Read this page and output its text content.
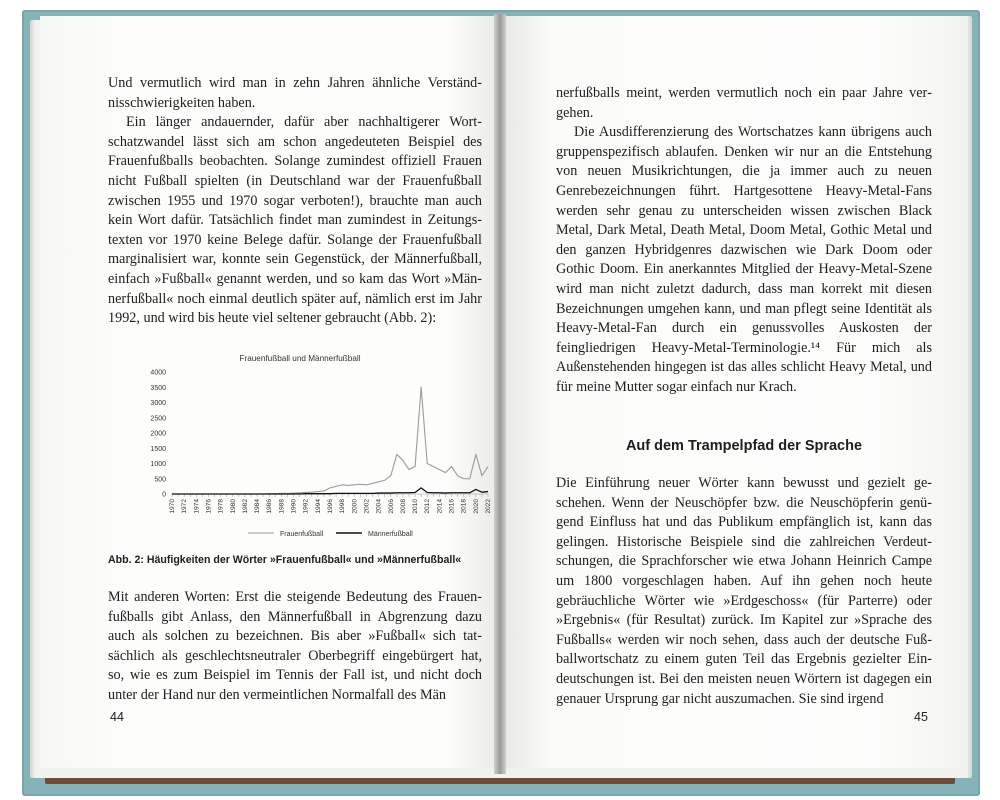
Und vermutlich wird man in zehn Jahren ähnliche Verständnisschwierigkeiten haben.

Ein länger andauernder, dafür aber nachhaltigerer Wortschatzwandel lässt sich am schon angedeuteten Beispiel des Frauenfußballs beobachten. Solange zumindest offiziell Frauen nicht Fußball spielten (in Deutschland war der Frauenfußball zwischen 1955 und 1970 sogar verboten!), brauchte man auch kein Wort dafür. Tatsächlich findet man zumindest in Zeitungstexten vor 1970 keine Belege dafür. Solange der Frauenfußball marginalisiert war, konnte sein Gegenstück, der Männerfußball, einfach »Fußball« genannt werden, und so kam das Wort »Männerfußball« noch einmal deutlich später auf, nämlich erst im Jahr 1992, und wird bis heute viel seltener gebraucht (Abb. 2):

Frauenfußball und Männerfußball
0
500
1000
1500
2000
2500
3000
3500
4000
1970 1972 1974 1976 1978 1980 1982 1984 1986 1988 1990 1992 1994 1996 1998 2000 2002 2004 2006 2008 2010 2012 2014 2016 2018 2020 2022
Frauenfußball	Männerfußball
Abb. 2: Häufigkeiten der Wörter »Frauenfußball« und »Männerfußball«

Mit anderen Worten: Erst die steigende Bedeutung des Frauenfußballs gibt Anlass, den Männerfußball in Abgrenzung dazu auch als solchen zu bezeichnen. Bis aber »Fußball« sich tatsächlich als geschlechtsneutraler Oberbegriff eingebürgert hat, so, wie es zum Beispiel im Tennis der Fall ist, und nicht doch unter der Hand nur den vermeintlichen Normalfall des Män

44

nerfußballs meint, werden vermutlich noch ein paar Jahre vergehen.

Die Ausdifferenzierung des Wortschatzes kann übrigens auch gruppenspezifisch ablaufen. Denken wir nur an die Entstehung von neuen Musikrichtungen, die ja immer auch zu neuen Genrebezeichnungen führt. Hartgesottene Heavy-Metal-Fans werden sehr genau zu unterscheiden wissen zwischen Black Metal, Dark Metal, Death Metal, Doom Metal, Gothic Metal und den ganzen Hybridgenres dazwischen wie Dark Doom oder Gothic Doom. Ein anerkanntes Mitglied der Heavy-Metal-Szene wird man nicht zuletzt dadurch, dass man korrekt mit diesen Bezeichnungen umgehen kann, und man pflegt seine Identität als Heavy-Metal-Fan durch ein genussvolles Auskosten der feingliedrigen Heavy-Metal-Terminologie.¹⁴ Für mich als Außenstehenden hingegen ist das alles schlicht Heavy Metal, und für meine Mutter sogar einfach nur Krach.

Auf dem Trampelpfad der Sprache

Die Einführung neuer Wörter kann bewusst und gezielt geschehen. Wenn der Neuschöpfer bzw. die Neuschöpferin genügend Einfluss hat und das Publikum empfänglich ist, kann das gelingen. Historische Beispiele sind die zahlreichen Verdeutschungen, die Sprachforscher wie etwa Johann Heinrich Campe um 1800 vorgeschlagen haben. Auf ihn gehen noch heute gebräuchliche Wörter wie »Erdgeschoss« (für Parterre) oder »Ergebnis« (für Resultat) zurück. Im Kapitel zur »Sprache des Fußballs« werden wir noch sehen, dass auch der deutsche Fußballwortschatz zu einem guten Teil das Ergebnis gezielter Eindeutschungen ist. Bei den meisten neuen Wörtern ist dagegen ein genauer Ursprung gar nicht auszumachen. Sie sind irgend

45
